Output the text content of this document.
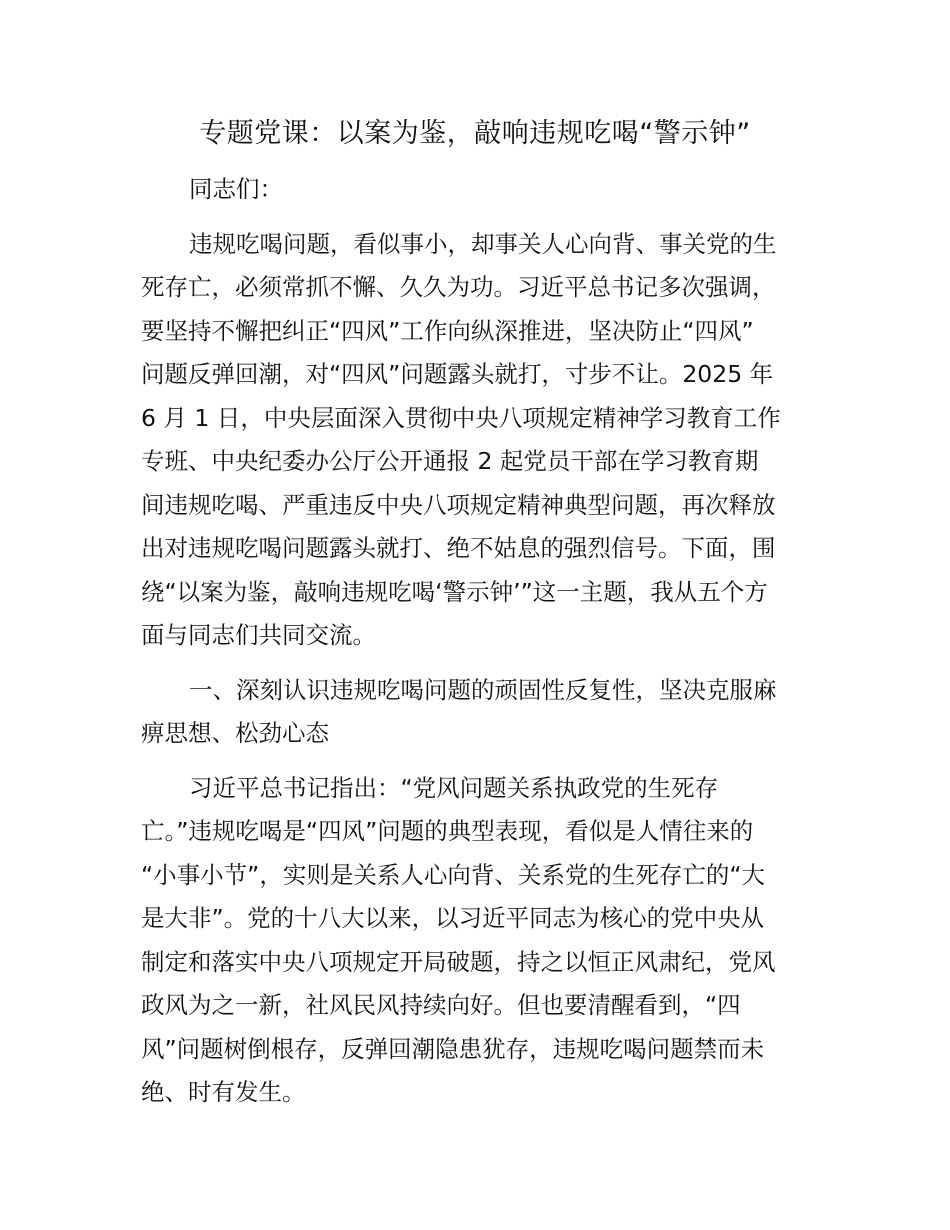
专题党课：以案为鉴，敲响违规吃喝“警示钟”

同志们：

违规吃喝问题，看似事小，却事关人心向背、事关党的生
死存亡，必须常抓不懈、久久为功。习近平总书记多次强调，
要坚持不懈把纠正“四风”工作向纵深推进，坚决防止“四风”
问题反弹回潮，对“四风”问题露头就打，寸步不让。2025 年
6 月 1 日，中央层面深入贯彻中央八项规定精神学习教育工作
专班、中央纪委办公厅公开通报 2 起党员干部在学习教育期
间违规吃喝、严重违反中央八项规定精神典型问题，再次释放
出对违规吃喝问题露头就打、绝不姑息的强烈信号。下面，围
绕“以案为鉴，敲响违规吃喝‘警示钟’”这一主题，我从五个方
面与同志们共同交流。

一、深刻认识违规吃喝问题的顽固性反复性，坚决克服麻
痹思想、松劲心态

习近平总书记指出：“党风问题关系执政党的生死存
亡。”违规吃喝是“四风”问题的典型表现，看似是人情往来的
“小事小节”，实则是关系人心向背、关系党的生死存亡的“大
是大非”。党的十八大以来，以习近平同志为核心的党中央从
制定和落实中央八项规定开局破题，持之以恒正风肃纪，党风
政风为之一新，社风民风持续向好。但也要清醒看到，“四
风”问题树倒根存，反弹回潮隐患犹存，违规吃喝问题禁而未
绝、时有发生。
